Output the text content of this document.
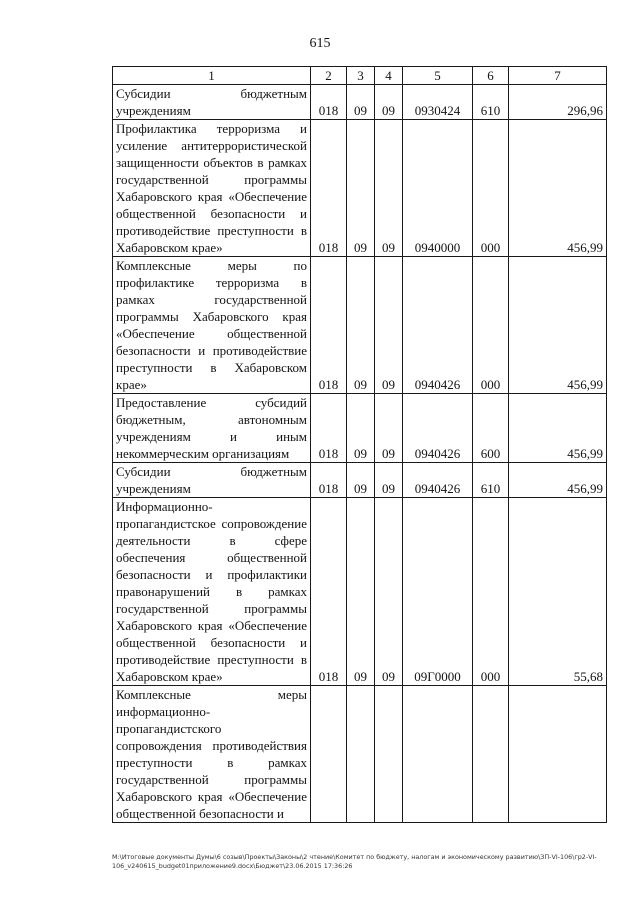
615
1	2	3	4	5	6	7
Субсидии бюджетным учреждениям	018	09	09	0930424	610	296,96
Профилактика терроризма и усиление антитеррористической защищенности объектов в рамках государственной программы Хабаровского края «Обеспечение общественной безопасности и противодействие преступности в Хабаровском крае»	018	09	09	0940000	000	456,99
Комплексные меры по профилактике терроризма в рамках государственной программы Хабаровского края «Обеспечение общественной безопасности и противодействие преступности в Хабаровском крае»	018	09	09	0940426	000	456,99
Предоставление субсидий бюджетным, автономным учреждениям и иным некоммерческим организациям	018	09	09	0940426	600	456,99
Субсидии бюджетным учреждениям	018	09	09	0940426	610	456,99
Информационно-пропагандистское сопровождение деятельности в сфере обеспечения общественной безопасности и профилактики правонарушений в рамках государственной программы Хабаровского края «Обеспечение общественной безопасности и противодействие преступности в Хабаровском крае»	018	09	09	09Г0000	000	55,68
Комплексные меры информационно-пропагандистского сопровождения противодействия преступности в рамках государственной программы Хабаровского края «Обеспечение общественной безопасности и						
M:\Итоговые документы Думы\6 созыв\Проекты\Законы\2 чтение\Комитет по бюджету, налогам и экономическому развитию\ЗП-VI-106\гр2-VI-106_v240615_budget01приложение9.docx\Бюджет\23.06.2015 17:36:26
